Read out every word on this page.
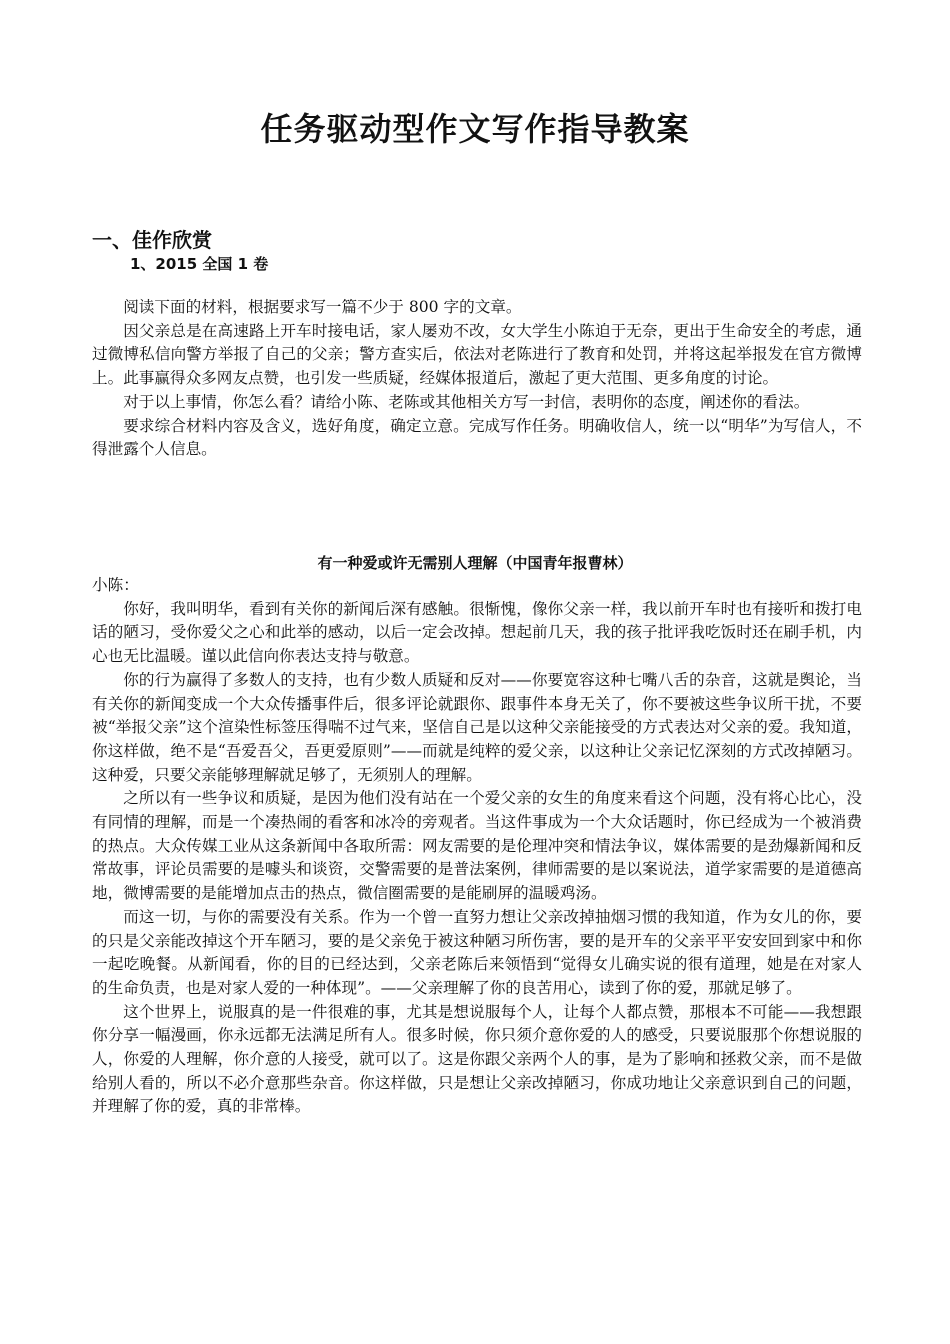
任务驱动型作文写作指导教案
一、佳作欣赏
1、2015 全国 1 卷

阅读下面的材料，根据要求写一篇不少于 800 字的文章。

因父亲总是在高速路上开车时接电话，家人屡劝不改，女大学生小陈迫于无奈，更出于生命安全的考虑，通过微博私信向警方举报了自己的父亲；警方查实后，依法对老陈进行了教育和处罚，并将这起举报发在官方微博上。此事赢得众多网友点赞，也引发一些质疑，经媒体报道后，激起了更大范围、更多角度的讨论。

对于以上事情，你怎么看？请给小陈、老陈或其他相关方写一封信，表明你的态度，阐述你的看法。

要求综合材料内容及含义，选好角度，确定立意。完成写作任务。明确收信人，统一以“明华”为写信人，不得泄露个人信息。

有一种爱或许无需别人理解（中国青年报曹林）

小陈：

你好，我叫明华，看到有关你的新闻后深有感触。很惭愧，像你父亲一样，我以前开车时也有接听和拨打电话的陋习，受你爱父之心和此举的感动，以后一定会改掉。想起前几天，我的孩子批评我吃饭时还在刷手机，内心也无比温暖。谨以此信向你表达支持与敬意。

你的行为赢得了多数人的支持，也有少数人质疑和反对——你要宽容这种七嘴八舌的杂音，这就是舆论，当有关你的新闻变成一个大众传播事件后，很多评论就跟你、跟事件本身无关了，你不要被这些争议所干扰，不要被“举报父亲”这个渲染性标签压得喘不过气来，坚信自己是以这种父亲能接受的方式表达对父亲的爱。我知道，你这样做，绝不是“吾爱吾父，吾更爱原则”——而就是纯粹的爱父亲，以这种让父亲记忆深刻的方式改掉陋习。这种爱，只要父亲能够理解就足够了，无须别人的理解。

之所以有一些争议和质疑，是因为他们没有站在一个爱父亲的女生的角度来看这个问题，没有将心比心，没有同情的理解，而是一个凑热闹的看客和冰冷的旁观者。当这件事成为一个大众话题时，你已经成为一个被消费的热点。大众传媒工业从这条新闻中各取所需：网友需要的是伦理冲突和情法争议，媒体需要的是劲爆新闻和反常故事，评论员需要的是噱头和谈资，交警需要的是普法案例，律师需要的是以案说法，道学家需要的是道德高地，微博需要的是能增加点击的热点，微信圈需要的是能刷屏的温暖鸡汤。

而这一切，与你的需要没有关系。作为一个曾一直努力想让父亲改掉抽烟习惯的我知道，作为女儿的你，要的只是父亲能改掉这个开车陋习，要的是父亲免于被这种陋习所伤害，要的是开车的父亲平平安安回到家中和你一起吃晚餐。从新闻看，你的目的已经达到，父亲老陈后来领悟到“觉得女儿确实说的很有道理，她是在对家人的生命负责，也是对家人爱的一种体现”。——父亲理解了你的良苦用心，读到了你的爱，那就足够了。

这个世界上，说服真的是一件很难的事，尤其是想说服每个人，让每个人都点赞，那根本不可能——我想跟你分享一幅漫画，你永远都无法满足所有人。很多时候，你只须介意你爱的人的感受，只要说服那个你想说服的人，你爱的人理解，你介意的人接受，就可以了。这是你跟父亲两个人的事，是为了影响和拯救父亲，而不是做给别人看的，所以不必介意那些杂音。你这样做，只是想让父亲改掉陋习，你成功地让父亲意识到自己的问题，并理解了你的爱，真的非常棒。
